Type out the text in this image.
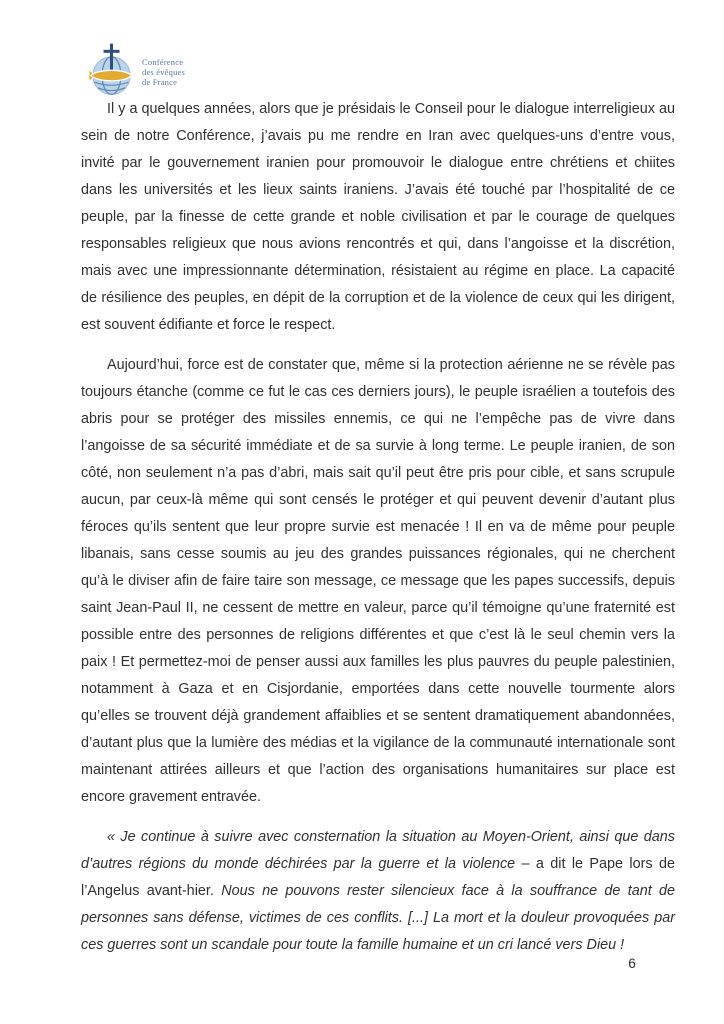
Conférence
des évêques
de France

Il y a quelques années, alors que je présidais le Conseil pour le dialogue interreligieux au sein de notre Conférence, j’avais pu me rendre en Iran avec quelques-uns d’entre vous, invité par le gouvernement iranien pour promouvoir le dialogue entre chrétiens et chiites dans les universités et les lieux saints iraniens. J’avais été touché par l’hospitalité de ce peuple, par la finesse de cette grande et noble civilisation et par le courage de quelques responsables religieux que nous avions rencontrés et qui, dans l’angoisse et la discrétion, mais avec une impressionnante détermination, résistaient au régime en place. La capacité de résilience des peuples, en dépit de la corruption et de la violence de ceux qui les dirigent, est souvent édifiante et force le respect.

Aujourd’hui, force est de constater que, même si la protection aérienne ne se révèle pas toujours étanche (comme ce fut le cas ces derniers jours), le peuple israélien a toutefois des abris pour se protéger des missiles ennemis, ce qui ne l’empêche pas de vivre dans l’angoisse de sa sécurité immédiate et de sa survie à long terme. Le peuple iranien, de son côté, non seulement n’a pas d’abri, mais sait qu’il peut être pris pour cible, et sans scrupule aucun, par ceux-là même qui sont censés le protéger et qui peuvent devenir d’autant plus féroces qu’ils sentent que leur propre survie est menacée ! Il en va de même pour peuple libanais, sans cesse soumis au jeu des grandes puissances régionales, qui ne cherchent qu’à le diviser afin de faire taire son message, ce message que les papes successifs, depuis saint Jean-Paul II, ne cessent de mettre en valeur, parce qu’il témoigne qu’une fraternité est possible entre des personnes de religions différentes et que c’est là le seul chemin vers la paix ! Et permettez-moi de penser aussi aux familles les plus pauvres du peuple palestinien, notamment à Gaza et en Cisjordanie, emportées dans cette nouvelle tourmente alors qu’elles se trouvent déjà grandement affaiblies et se sentent dramatiquement abandonnées, d’autant plus que la lumière des médias et la vigilance de la communauté internationale sont maintenant attirées ailleurs et que l’action des organisations humanitaires sur place est encore gravement entravée.

« Je continue à suivre avec consternation la situation au Moyen-Orient, ainsi que dans d’autres régions du monde déchirées par la guerre et la violence – a dit le Pape lors de l’Angelus avant-hier. Nous ne pouvons rester silencieux face à la souffrance de tant de personnes sans défense, victimes de ces conflits. [...] La mort et la douleur provoquées par ces guerres sont un scandale pour toute la famille humaine et un cri lancé vers Dieu !

6
